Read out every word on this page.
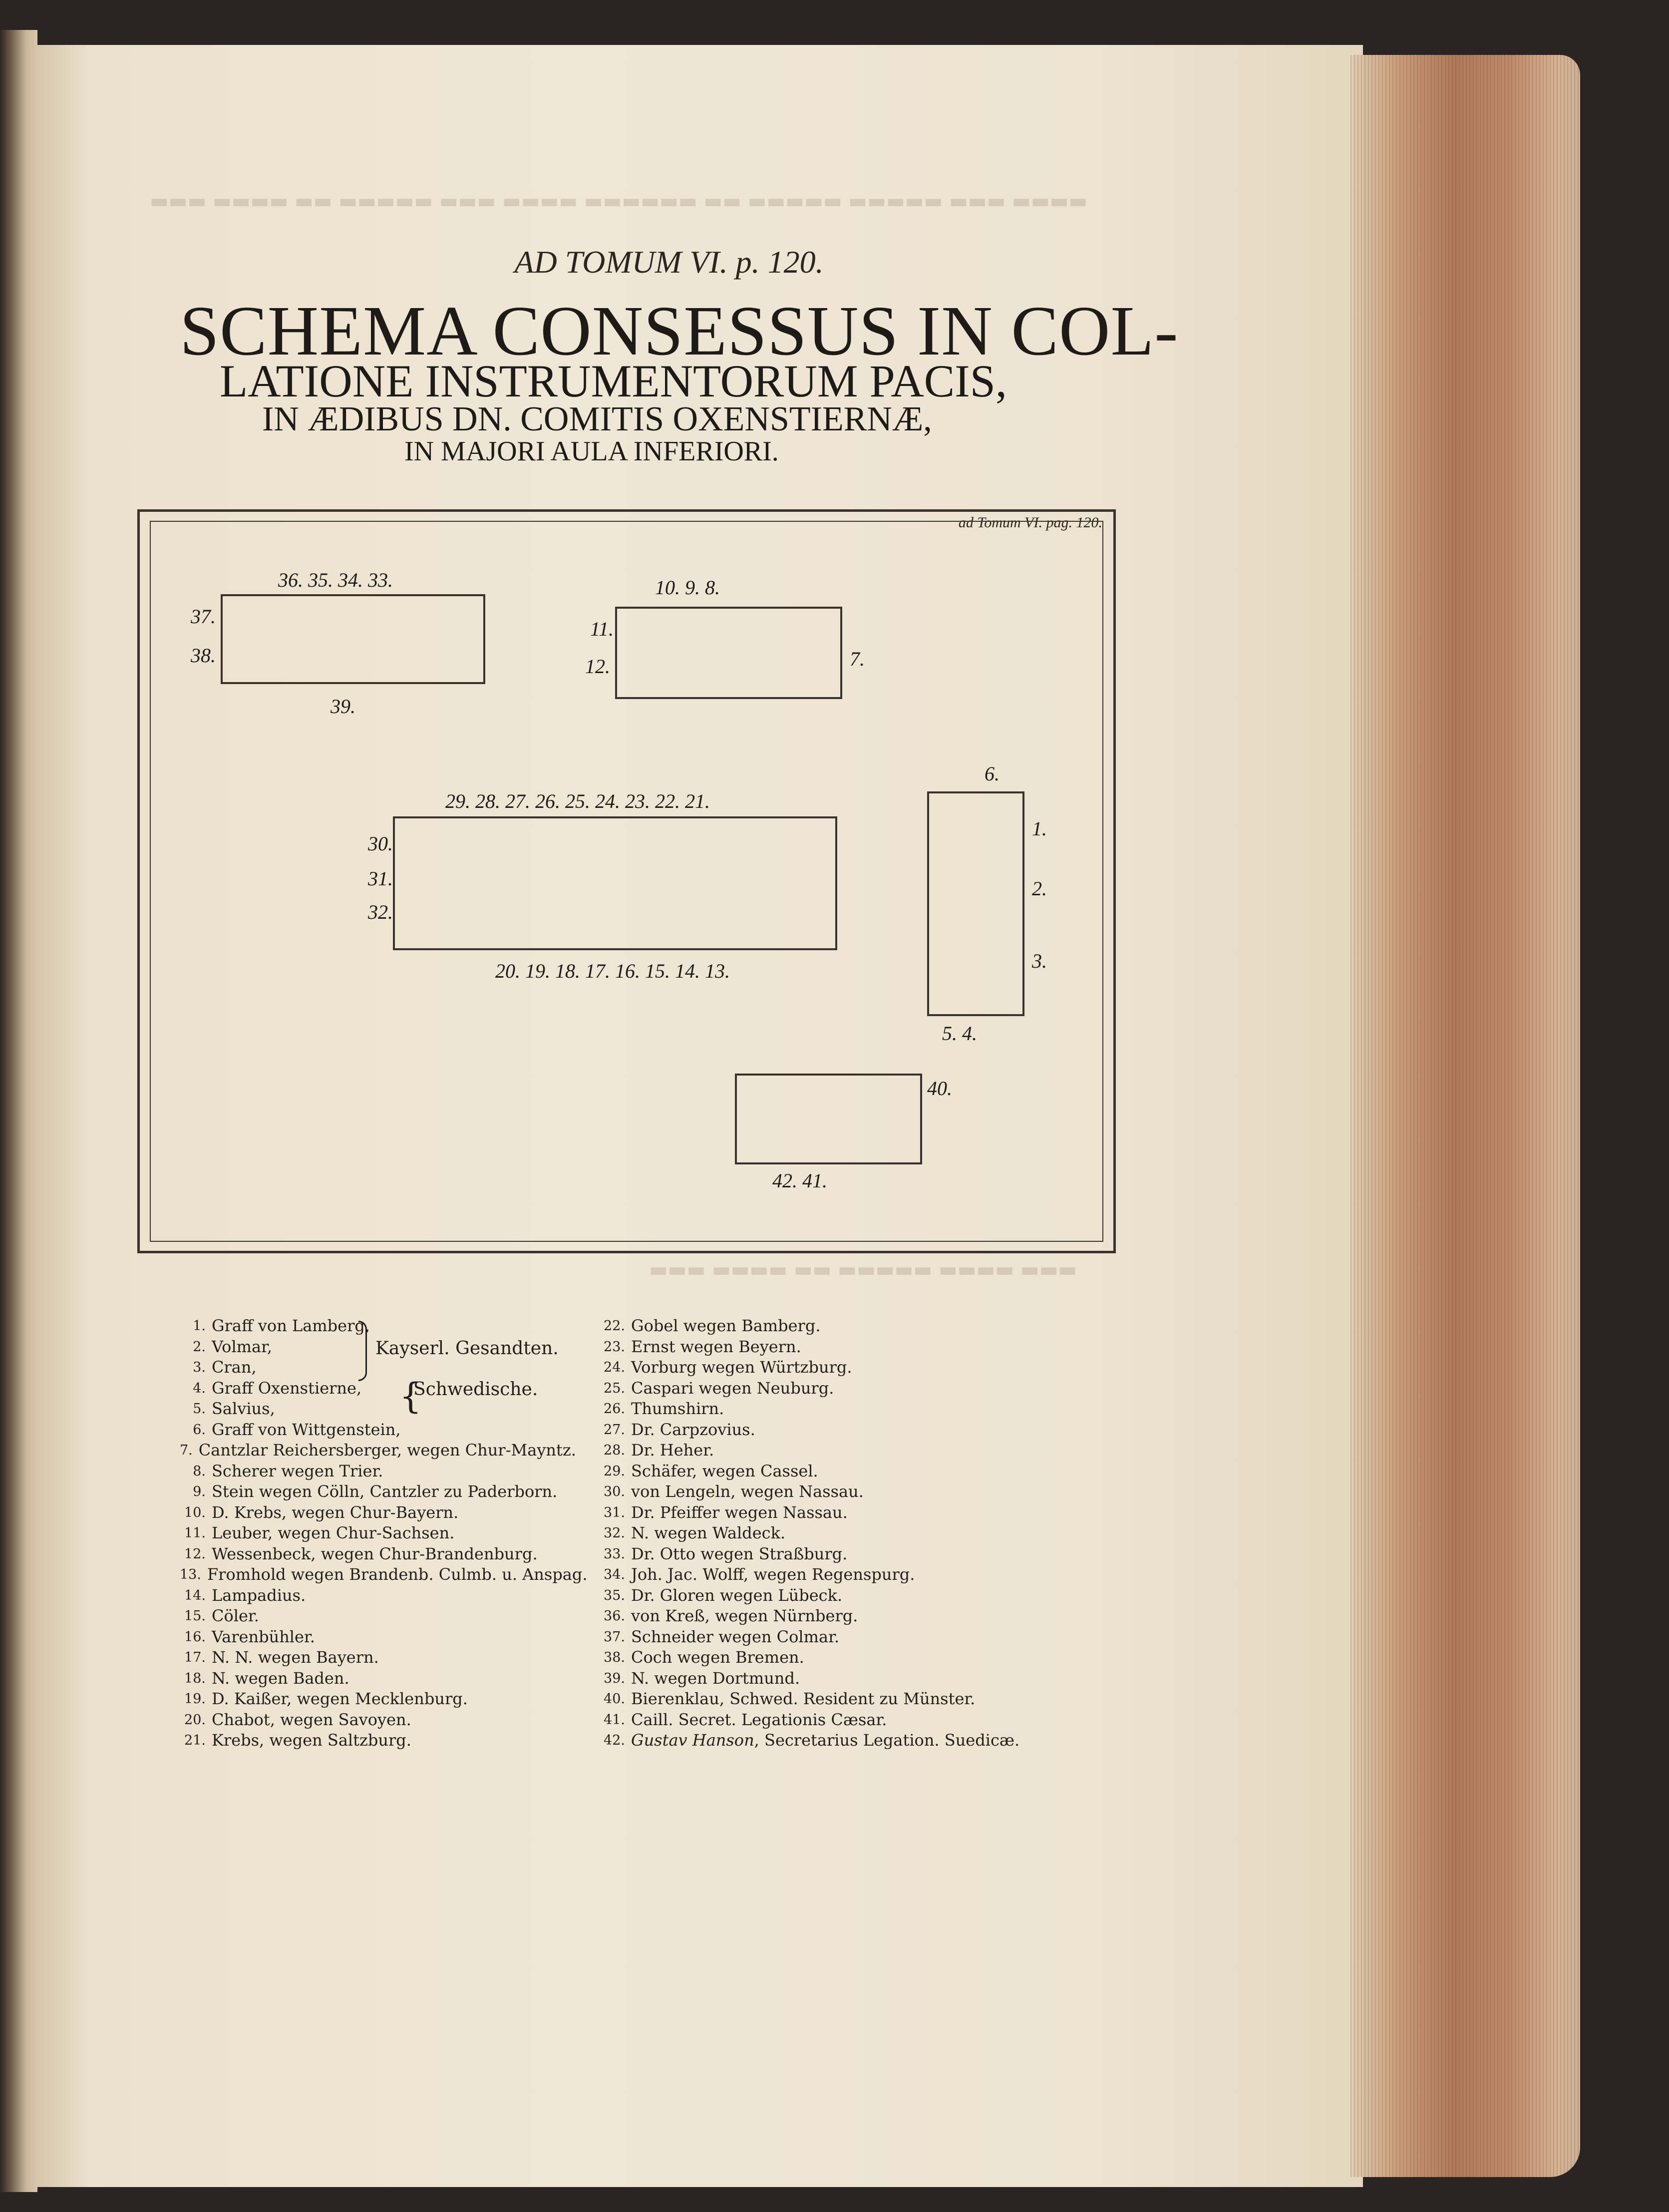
▬▬▬ ▬▬▬▬ ▬▬ ▬▬▬▬▬ ▬▬▬ ▬▬▬▬ ▬▬▬▬▬▬ ▬▬ ▬▬▬▬▬ ▬▬▬▬▬ ▬▬▬ ▬▬▬▬
▬▬▬ ▬▬▬▬ ▬▬ ▬▬▬▬▬ ▬▬▬▬ ▬▬▬
AD TOMUM VI. p. 120.
SCHEMA CONSESSUS IN COL-
LATIONE INSTRUMENTORUM PACIS,
IN ÆDIBUS DN. COMITIS OXENSTIERNÆ,
IN MAJORI AULA INFERIORI.
ad Tomum VI. pag. 120.
36. 35. 34. 33.
37.
38.
39.
10. 9. 8.
11.
12.	7.
29. 28. 27. 26. 25. 24. 23. 22. 21.
30.
31.
32.
20. 19. 18. 17. 16. 15. 14. 13.
6.
1.
2.
3.
5. 4.
40.
42. 41.
1. Graff von Lamberg,
2. Volmar,
3. Cran,
4. Graff Oxenstierne,
5. Salvius,
6. Graff von Wittgenstein,
7. Cantzlar Reichersberger, wegen Chur-Mayntz.
8. Scherer wegen Trier.
9. Stein wegen Cölln, Cantzler zu Paderborn.
10. D. Krebs, wegen Chur-Bayern.
11. Leuber, wegen Chur-Sachsen.
12. Wessenbeck, wegen Chur-Brandenburg.
13. Fromhold wegen Brandenb. Culmb. u. Anspag.
14. Lampadius.
15. Cöler.
16. Varenbühler.
17. N. N. wegen Bayern.
18. N. wegen Baden.
19. D. Kaißer, wegen Mecklenburg.
20. Chabot, wegen Savoyen.
21. Krebs, wegen Saltzburg.
22. Gobel wegen Bamberg.
23. Ernst wegen Beyern.
24. Vorburg wegen Würtzburg.
25. Caspari wegen Neuburg.
26. Thumshirn.
27. Dr. Carpzovius.
28. Dr. Heher.
29. Schäfer, wegen Cassel.
30. von Lengeln, wegen Nassau.
31. Dr. Pfeiffer wegen Nassau.
32. N. wegen Waldeck.
33. Dr. Otto wegen Straßburg.
34. Joh. Jac. Wolff, wegen Regenspurg.
35. Dr. Gloren wegen Lübeck.
36. von Kreß, wegen Nürnberg.
37. Schneider wegen Colmar.
38. Coch wegen Bremen.
39. N. wegen Dortmund.
40. Bierenklau, Schwed. Resident zu Münster.
41. Caill. Secret. Legationis Cæsar.
42. Gustav Hanson, Secretarius Legation. Suedicæ.
Kayserl. Gesandten.
{
Schwedische.
